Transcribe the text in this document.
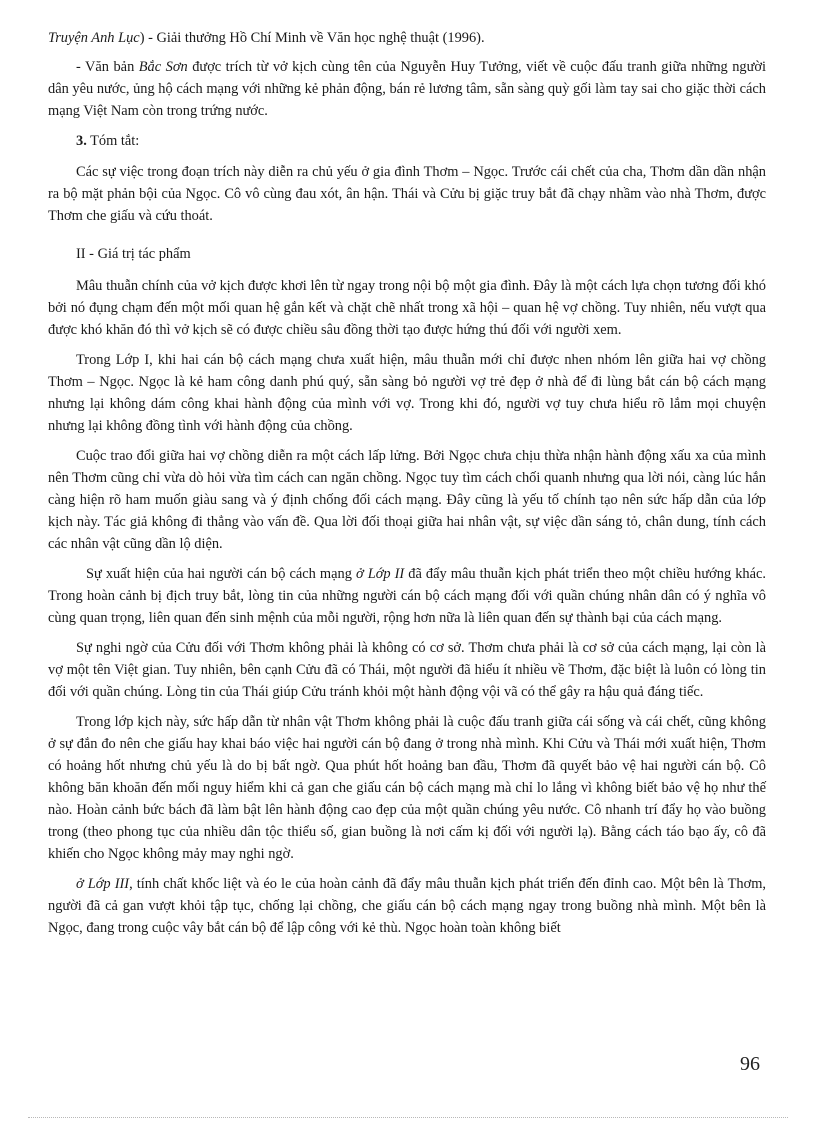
Truyện Anh Lục) - Giải thưởng Hồ Chí Minh về Văn học nghệ thuật (1996).

- Văn bản Bắc Sơn được trích từ vở kịch cùng tên của Nguyễn Huy Tưởng, viết về cuộc đấu tranh giữa những người dân yêu nước, ủng hộ cách mạng với những kẻ phản động, bán rẻ lương tâm, sẵn sàng quỳ gối làm tay sai cho giặc thời cách mạng Việt Nam còn trong trứng nước.

3. Tóm tắt:

Các sự việc trong đoạn trích này diễn ra chủ yếu ở gia đình Thơm – Ngọc. Trước cái chết của cha, Thơm dần dần nhận ra bộ mặt phản bội của Ngọc. Cô vô cùng đau xót, ân hận. Thái và Cửu bị giặc truy bắt đã chạy nhầm vào nhà Thơm, được Thơm che giấu và cứu thoát.

II - Giá trị tác phẩm

Mâu thuẫn chính của vở kịch được khơi lên từ ngay trong nội bộ một gia đình. Đây là một cách lựa chọn tương đối khó bởi nó đụng chạm đến một mối quan hệ gắn kết và chặt chẽ nhất trong xã hội – quan hệ vợ chồng. Tuy nhiên, nếu vượt qua được khó khăn đó thì vở kịch sẽ có được chiều sâu đồng thời tạo được hứng thú đối với người xem.

Trong Lớp I, khi hai cán bộ cách mạng chưa xuất hiện, mâu thuẫn mới chỉ được nhen nhóm lên giữa hai vợ chồng Thơm – Ngọc. Ngọc là kẻ ham công danh phú quý, sẵn sàng bỏ người vợ trẻ đẹp ở nhà để đi lùng bắt cán bộ cách mạng nhưng lại không dám công khai hành động của mình với vợ. Trong khi đó, người vợ tuy chưa hiểu rõ lắm mọi chuyện nhưng lại không đồng tình với hành động của chồng.

Cuộc trao đổi giữa hai vợ chồng diễn ra một cách lấp lửng. Bởi Ngọc chưa chịu thừa nhận hành động xấu xa của mình nên Thơm cũng chỉ vừa dò hỏi vừa tìm cách can ngăn chồng. Ngọc tuy tìm cách chối quanh nhưng qua lời nói, càng lúc hắn càng hiện rõ ham muốn giàu sang và ý định chống đối cách mạng. Đây cũng là yếu tố chính tạo nên sức hấp dẫn của lớp kịch này. Tác giả không đi thẳng vào vấn đề. Qua lời đối thoại giữa hai nhân vật, sự việc dần sáng tỏ, chân dung, tính cách các nhân vật cũng dần lộ diện.

Sự xuất hiện của hai người cán bộ cách mạng ở Lớp II đã đẩy mâu thuẫn kịch phát triển theo một chiều hướng khác. Trong hoàn cảnh bị địch truy bắt, lòng tin của những người cán bộ cách mạng đối với quần chúng nhân dân có ý nghĩa vô cùng quan trọng, liên quan đến sinh mệnh của mỗi người, rộng hơn nữa là liên quan đến sự thành bại của cách mạng.

Sự nghi ngờ của Cửu đối với Thơm không phải là không có cơ sở. Thơm chưa phải là cơ sở của cách mạng, lại còn là vợ một tên Việt gian. Tuy nhiên, bên cạnh Cửu đã có Thái, một người đã hiểu ít nhiều về Thơm, đặc biệt là luôn có lòng tin đối với quần chúng. Lòng tin của Thái giúp Cửu tránh khỏi một hành động vội vã có thể gây ra hậu quả đáng tiếc.

Trong lớp kịch này, sức hấp dẫn từ nhân vật Thơm không phải là cuộc đấu tranh giữa cái sống và cái chết, cũng không ở sự đắn đo nên che giấu hay khai báo việc hai người cán bộ đang ở trong nhà mình. Khi Cửu và Thái mới xuất hiện, Thơm có hoảng hốt nhưng chủ yếu là do bị bất ngờ. Qua phút hốt hoảng ban đầu, Thơm đã quyết bảo vệ hai người cán bộ. Cô không băn khoăn đến mối nguy hiểm khi cả gan che giấu cán bộ cách mạng mà chỉ lo lắng vì không biết bảo vệ họ như thế nào. Hoàn cảnh bức bách đã làm bật lên hành động cao đẹp của một quần chúng yêu nước. Cô nhanh trí đẩy họ vào buồng trong (theo phong tục của nhiều dân tộc thiểu số, gian buồng là nơi cấm kị đối với người lạ). Bằng cách táo bạo ấy, cô đã khiến cho Ngọc không mảy may nghi ngờ.

ở Lớp III, tính chất khốc liệt và éo le của hoàn cảnh đã đẩy mâu thuẫn kịch phát triển đến đỉnh cao. Một bên là Thơm, người đã cả gan vượt khỏi tập tục, chống lại chồng, che giấu cán bộ cách mạng ngay trong buồng nhà mình. Một bên là Ngọc, đang trong cuộc vây bắt cán bộ để lập công với kẻ thù. Ngọc hoàn toàn không biết

96
